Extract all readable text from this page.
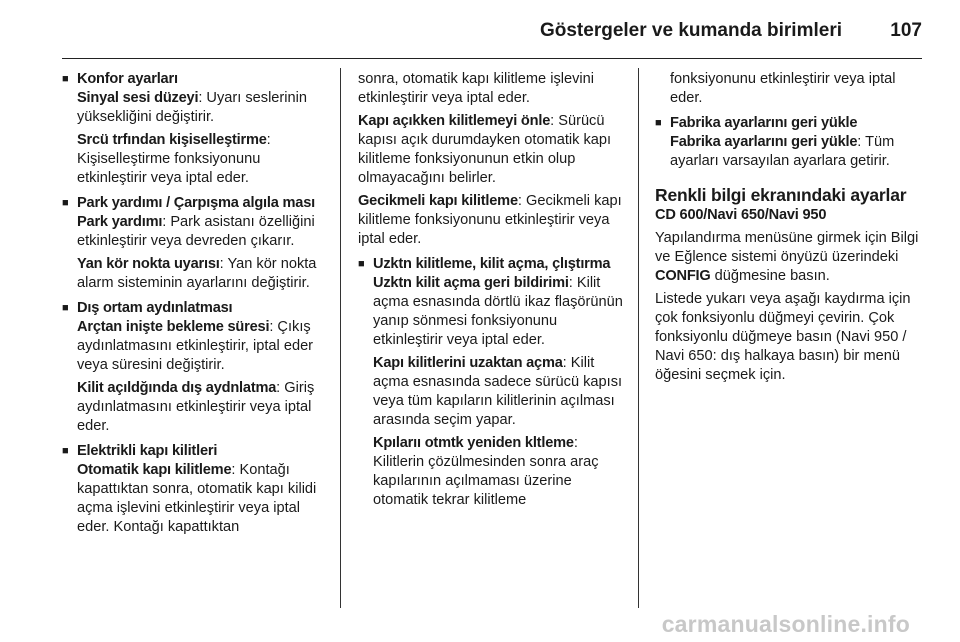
Göstergeler ve kumanda birimleri	107
■ Konfor ayarları
Sinyal sesi düzeyi: Uyarı seslerinin yüksekliğini değiştirir.
Srcü trfından kişiselleştirme: Kişiselleştirme fonksiyonunu etkinleştirir veya iptal eder.
■ Park yardımı / Çarpışma algıla ması
Park yardımı: Park asistanı özelliğini etkinleştirir veya devreden çıkarır.
Yan kör nokta uyarısı: Yan kör nokta alarm sisteminin ayarlarını değiştirir.
■ Dış ortam aydınlatması
Arçtan inişte bekleme süresi: Çıkış aydınlatmasını etkinleştirir, iptal eder veya süresini değiştirir.
Kilit açıldğında dış aydnlatma: Giriş aydınlatmasını etkinleştirir veya iptal eder.
■ Elektrikli kapı kilitleri
Otomatik kapı kilitleme: Kontağı kapattıktan sonra, otomatik kapı kilidi açma işlevini etkinleştirir veya iptal eder. Kontağı kapattıktan
sonra, otomatik kapı kilitleme işlevini etkinleştirir veya iptal eder.
Kapı açıkken kilitlemeyi önle: Sürücü kapısı açık durumdayken otomatik kapı kilitleme fonksiyonunun etkin olup olmayacağını belirler.
Gecikmeli kapı kilitleme: Gecikmeli kapı kilitleme fonksiyonunu etkinleştirir veya iptal eder.
■ Uzktn kilitleme, kilit açma, çlıştırma
Uzktn kilit açma geri bildirimi: Kilit açma esnasında dörtlü ikaz flaşörünün yanıp sönmesi fonksiyonunu etkinleştirir veya iptal eder.
Kapı kilitlerini uzaktan açma: Kilit açma esnasında sadece sürücü kapısı veya tüm kapıların kilitlerinin açılması arasında seçim yapar.
Kpılarıı otmtk yeniden kltleme: Kilitlerin çözülmesinden sonra araç kapılarının açılmaması üzerine otomatik tekrar kilitleme
fonksiyonunu etkinleştirir veya iptal eder.
■ Fabrika ayarlarını geri yükle
Fabrika ayarlarını geri yükle: Tüm ayarları varsayılan ayarlara getirir.
Renkli bilgi ekranındaki ayarlar
CD 600/Navi 650/Navi 950
Yapılandırma menüsüne girmek için Bilgi ve Eğlence sistemi önyüzü üzerindeki CONFIG düğmesine basın.
Listede yukarı veya aşağı kaydırma için çok fonksiyonlu düğmeyi çevirin. Çok fonksiyonlu düğmeye basın (Navi 950 / Navi 650: dış halkaya basın) bir menü öğesini seçmek için.
carmanualsonline.info
